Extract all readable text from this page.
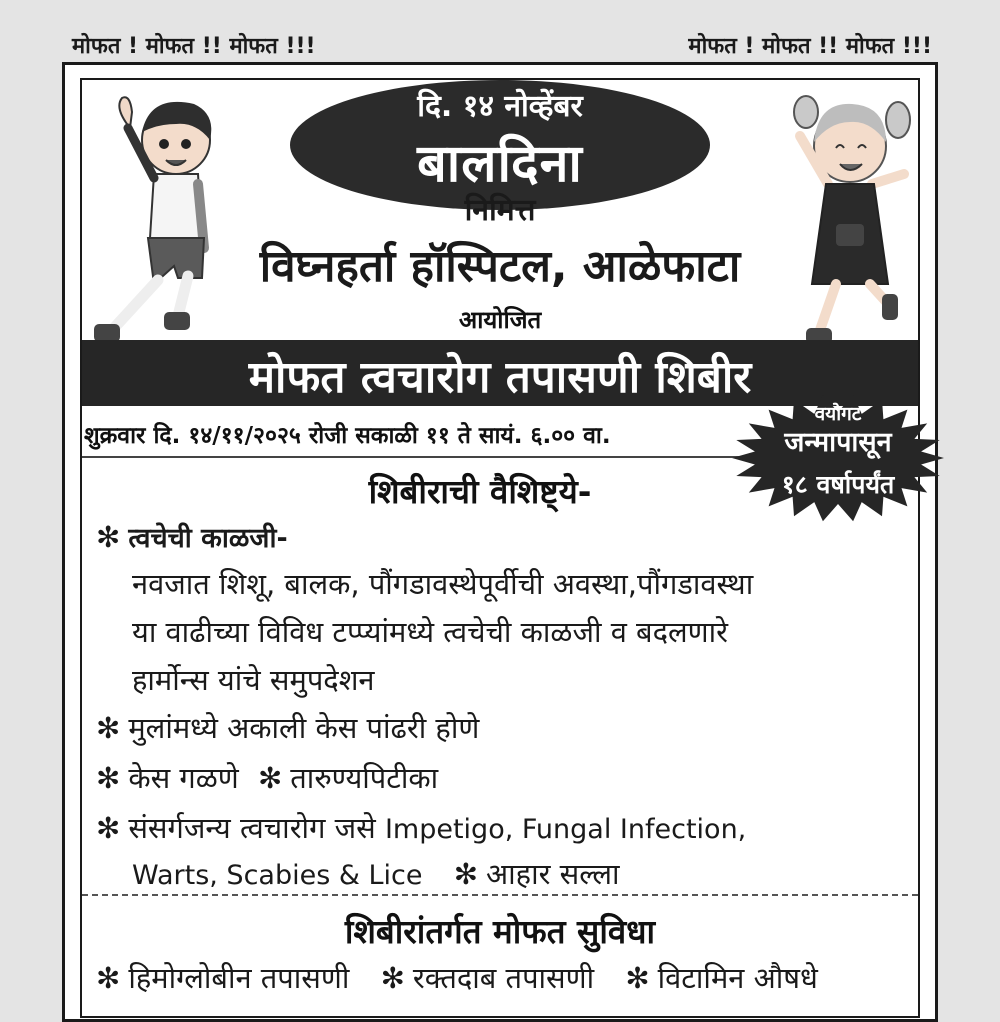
मोफत ! मोफत !! मोफत !!!	मोफत ! मोफत !! मोफत !!!
दि. १४ नोव्हेंबर
बालदिना
निमित्त
विघ्नहर्ता हॉस्पिटल, आळेफाटा
आयोजित
मोफत त्वचारोग तपासणी शिबीर
शुक्रवार दि. १४/११/२०२५ रोजी सकाळी ११ ते सायं. ६.०० वा.
वयोगट
जन्मापासून
१८ वर्षापर्यंत
शिबीराची वैशिष्ट्ये-
✻ त्वचेची काळजी-
नवजात शिशू, बालक, पौंगडावस्थेपूर्वीची अवस्था,पौंगडावस्था
या वाढीच्या विविध टप्प्यांमध्ये त्वचेची काळजी व बदलणारे
हार्मोन्स यांचे समुपदेशन
✻ मुलांमध्ये अकाली केस पांढरी होणे
✻ केस गळणे ✻ तारुण्यपिटीका
✻ संसर्गजन्य त्वचारोग जसे Impetigo, Fungal Infection,
Warts, Scabies & Lice ✻ आहार सल्ला
शिबीरांतर्गत मोफत सुविधा
✻ हिमोग्लोबीन तपासणी ✻ रक्तदाब तपासणी ✻ विटामिन औषधे
